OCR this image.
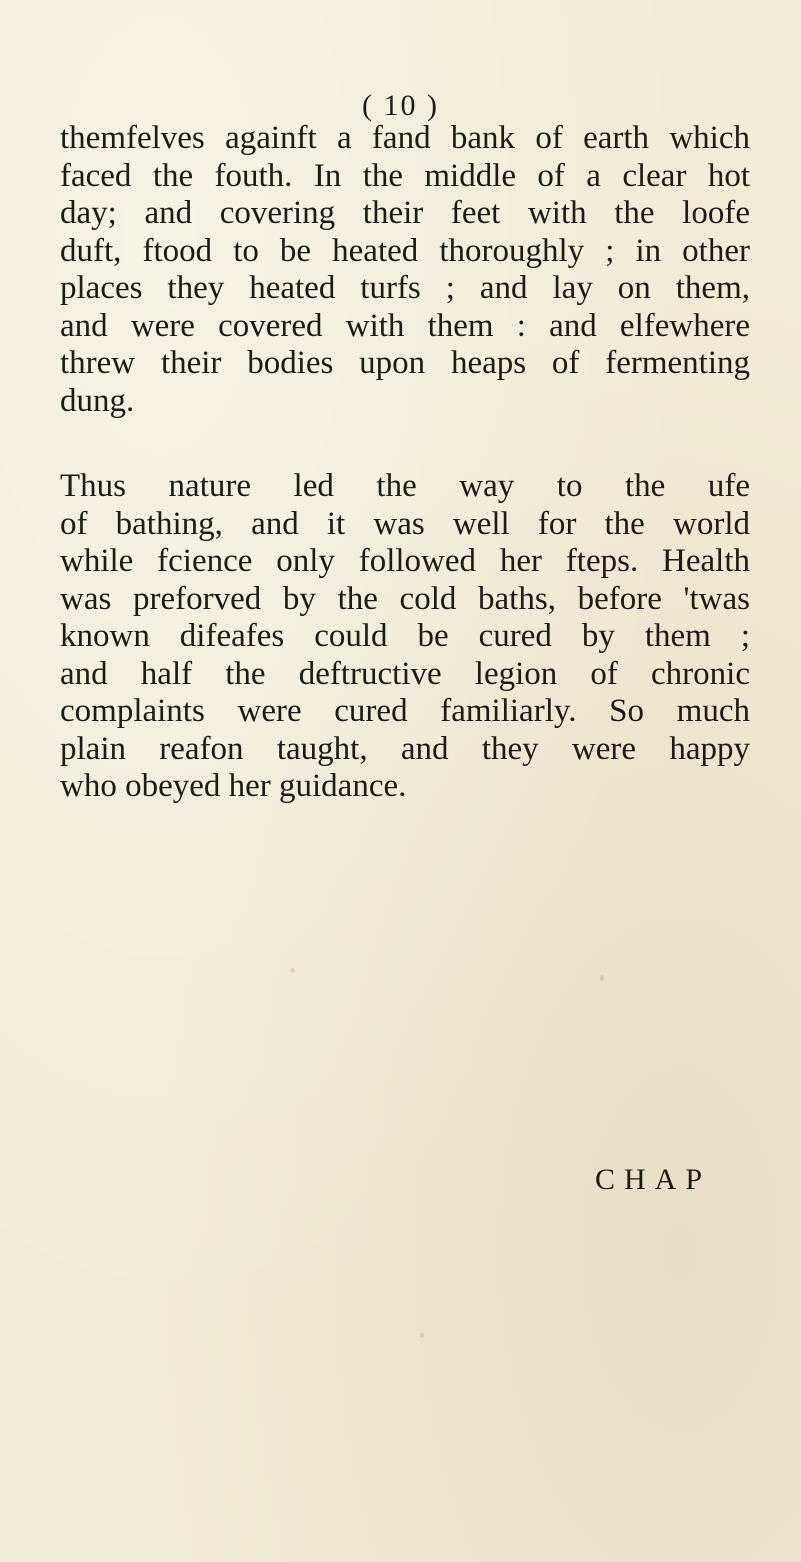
( 10 )
themfelves againft a fand bank of earth which
faced the fouth. In the middle of a clear hot
day; and covering their feet with the loofe
duft, ftood to be heated thoroughly ; in other
places they heated turfs ; and lay on them,
and were covered with them : and elfewhere
threw their bodies upon heaps of fermenting
dung.
Thus nature led the way to the ufe
of bathing, and it was well for the world
while fcience only followed her fteps. Health
was preforved by the cold baths, before 'twas
known difeafes could be cured by them ;
and half the deftructive legion of chronic
complaints were cured familiarly. So much
plain reafon taught, and they were happy
who obeyed her guidance.
CHAP
